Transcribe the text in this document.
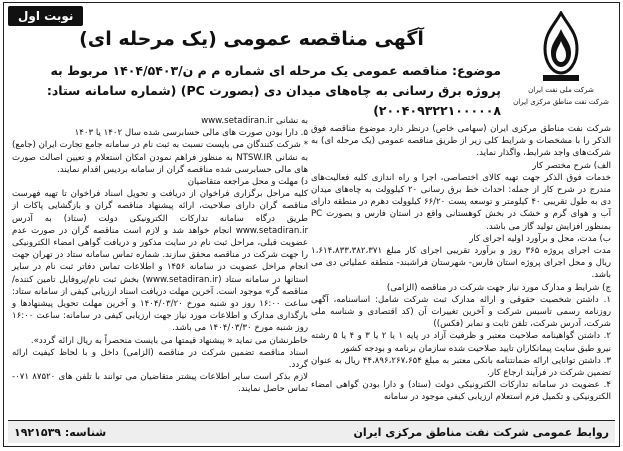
نوبت اول
شرکت ملی نفت ایران
شرکت نفت مناطق مرکزی ایران
آگهی مناقصه عمومی (یک مرحله ای)
موضوع: مناقصه عمومی یک مرحله ای شماره م م ن/۱۴۰۴/۵۴۰۳ مربوط به پروژه برق رسانی به چاه‌های میدان دی (بصورت PC) (شماره سامانه ستاد: ۲۰۰۴۰۹۳۲۲۱۰۰۰۰۰۸)

شرکت نفت مناطق مرکزی ایران (سهامی خاص) درنظر دارد موضوع مناقصه فوق الذکر را با مشخصات و شرایط کلی زیر از طریق مناقصه عمومی (یک مرحله ای) به شرکت‌های واجد شرایط، واگذار نماید.

الف) شرح مختصر کار

خدمات فوق الذکر جهت تهیه کالای اختصاصی، اجرا و راه اندازی کلیه فعالیت‌های مندرج در شرح کار از جمله: احداث خط برق رسانی ۲۰ کیلوولت به چاه‌های میدان دی به طول تقریبی ۴۰ کیلومتر و توسعه پست ۶۶/۲۰ کیلوولت دهرم در منطقه دارای آب و هوای گرم و خشک در بخش کوهستانی واقع در استان فارس و بصورت PC بمنظور افزایش تولید گاز می باشد.

ب) مدت، محل و برآورد اولیه اجرای کار

مدت اجرای پروژه ۳۶۵ روز و برآورد تقریبی اجرای کار مبلغ ۱،۶۱۴،۸۳۳،۳۸۲،۳۷۱ ریال و محل اجرای پروژه استان فارس- شهرستان فراشبند- منطقه عملیاتی دی می باشد.

ج) شرایط و مدارک مورد نیاز جهت شرکت در مناقصه (الزامی)

۱. داشتن شخصیت حقوقی و ارائه مدارک ثبت شرکت شامل: اساسنامه، آگهی روزنامه رسمی تاسیس شرکت و آخرین تغییرات آن (کد اقتصادی و شناسه ملی شرکت، آدرس شرکت، تلفن ثابت و نمابر (فکس))

۲. داشتن گواهینامه صلاحیت معتبر و ظرفیت آزاد در پایه ۱ یا ۲ یا ۳ و ۴ یا ۵ رشته نیرو طبق سایت پیمانکاران تایید صلاحیت شده سازمان برنامه و بودجه کشور

۳. داشتن توانایی ارائه ضمانتنامه بانکی معتبر به مبلغ ۴۴،۸۹۶،۲۶۷،۶۵۴ ریال به عنوان تضمین شرکت در فرآیند ارجاع کار.

۴. عضویت در سامانه تدارکات الکترونیکی دولت (ستاد) و دارا بودن گواهی امضاء الکترونیکی و تکمیل فرم استعلام ارزیابی کیفی موجود در سامانه

به نشانی www.setadiran.ir

۵. دارا بودن صورت های مالی حسابرسی شده سال ۱۴۰۲ یا ۱۴۰۳

* شرکت کنندگان می بایست نسبت به ثبت نام در سامانه جامع تجارت ایران (جامع) به نشانی NTSW.IR به منظور فراهم نمودن امکان استعلام و تعیین اصالت صورت های مالی حسابرسی شده مناقصه گران از سامانه بردیس اقدام نمایند.

د) مهلت و محل مراجعه متقاضیان

کلیه مراحل برگزاری فراخوان از دریافت و تحویل اسناد فراخوان تا تهیه فهرست مناقصه گران دارای صلاحیت، ارائه پیشنهاد مناقصه گران و بازگشایی پاکات از طریق درگاه سامانه تدارکات الکترونیکی دولت (ستاد) به آدرس www.setadiran.ir انجام خواهد شد و لازم است مناقصه گران در صورت عدم عضویت قبلی، مراحل ثبت نام در سایت مذکور و دریافت گواهی امضاء الکترونیکی را جهت شرکت در مناقصه محقق سازند. شماره تماس سامانه ستاد در تهران جهت انجام مراحل عضویت در سامانه ۱۴۵۶ و اطلاعات تماس دفاتر ثبت نام در سایر استانها در سامانه ستاد (www.setadiran.ir) بخش ثبت نام/پروفایل تامین کننده/مناقصه گر» موجود است. آخرین مهلت دریافت اسناد ارزیابی کیفی از سامانه ستاد: ساعت ۱۶:۰۰ روز دو شنبه مورخ ۱۴۰۴/۰۳/۲۰ و آخرین مهلت تحویل پیشنهادها و بارگذاری مدارک و اطلاعات مورد نیاز جهت ارزیابی کیفی در سامانه: ساعت ۱۶:۰۰ روز شنبه مورخ ۱۴۰۴/۰۳/۳۰ می باشد.

خاطرنشان می نماید « پیشنهاد قیمتها می بایست منحصراً به ریال ارائه گردد».

اسناد مناقصه تضمین شرکت در مناقصه (الزامی) داخل و با لحاظ کیفیت ارائه گردد.

لازم بذکر است سایر اطلاعات پیشتر متقاضیان می توانند با تلفن های ۸۷۵۲۰ ۰۷۱- تماس حاصل نمایند.

روابط عمومی شرکت نفت مناطق مرکزی ایران
شناسه: ۱۹۲۱۵۳۹
